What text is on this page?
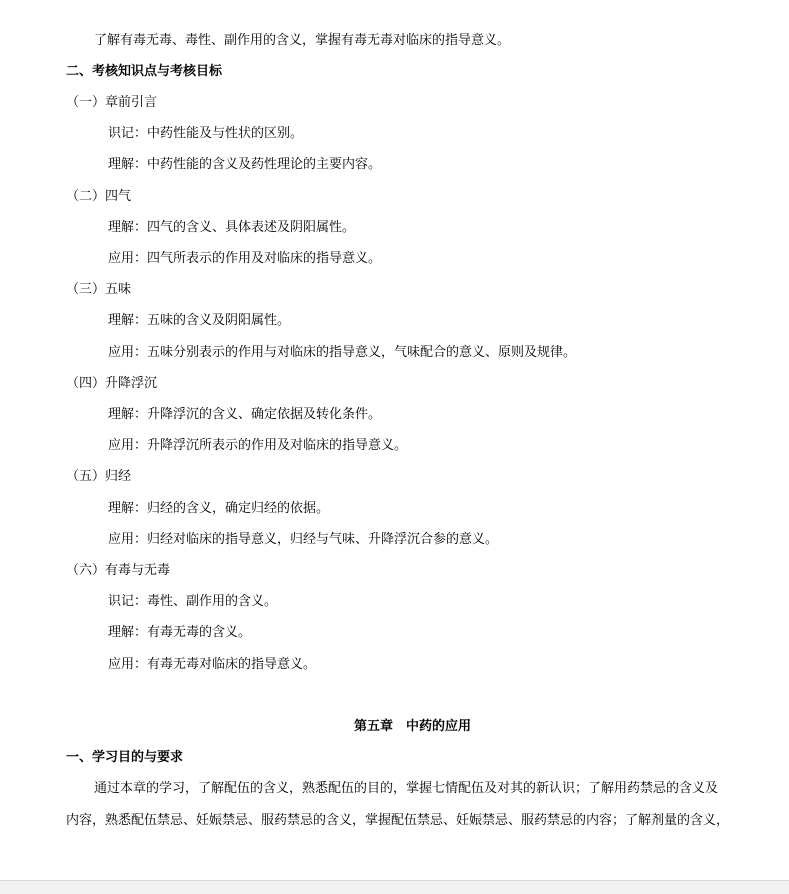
了解有毒无毒、毒性、副作用的含义，掌握有毒无毒对临床的指导意义。
二、考核知识点与考核目标
（一）章前引言
识记：中药性能及与性状的区别。
理解：中药性能的含义及药性理论的主要内容。
（二）四气
理解：四气的含义、具体表述及阴阳属性。
应用：四气所表示的作用及对临床的指导意义。
（三）五味
理解：五味的含义及阴阳属性。
应用：五味分别表示的作用与对临床的指导意义，气味配合的意义、原则及规律。
（四）升降浮沉
理解：升降浮沉的含义、确定依据及转化条件。
应用：升降浮沉所表示的作用及对临床的指导意义。
（五）归经
理解：归经的含义，确定归经的依据。
应用：归经对临床的指导意义，归经与气味、升降浮沉合参的意义。
（六）有毒与无毒
识记：毒性、副作用的含义。
理解：有毒无毒的含义。
应用：有毒无毒对临床的指导意义。
第五章　中药的应用
一、学习目的与要求
通过本章的学习，了解配伍的含义，熟悉配伍的目的，掌握七情配伍及对其的新认识；了解用药禁忌的含义及
内容，熟悉配伍禁忌、妊娠禁忌、服药禁忌的含义，掌握配伍禁忌、妊娠禁忌、服药禁忌的内容；了解剂量的含义，
